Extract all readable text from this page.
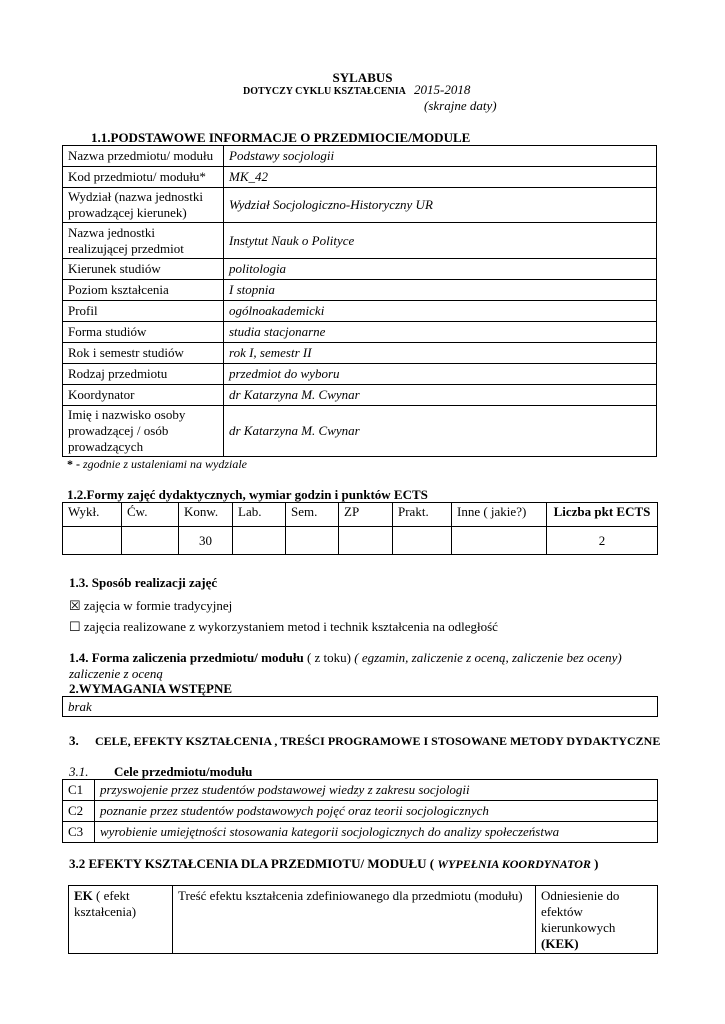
SYLABUS
DOTYCZY CYKLU KSZTAŁCENIA 2015-2018
(skrajne daty)
1.1.PODSTAWOWE INFORMACJE O PRZEDMIOCIE/MODULE
Nazwa przedmiotu/ modułu	Podstawy socjologii
Kod przedmiotu/ modułu*	MK_42
Wydział (nazwa jednostki prowadzącej kierunek)	Wydział Socjologiczno-Historyczny UR
Nazwa jednostki realizującej przedmiot	Instytut Nauk o Polityce
Kierunek studiów	politologia
Poziom kształcenia	I stopnia
Profil	ogólnoakademicki
Forma studiów	studia stacjonarne
Rok i semestr studiów	rok I, semestr II
Rodzaj przedmiotu	przedmiot do wyboru
Koordynator	dr Katarzyna M. Cwynar
Imię i nazwisko osoby prowadzącej / osób prowadzących	dr Katarzyna M. Cwynar
* - zgodnie z ustaleniami na wydziale
1.2.Formy zajęć dydaktycznych, wymiar godzin i punktów ECTS
Wykł.	Ćw.	Konw.	Lab.	Sem.	ZP	Prakt.	Inne ( jakie?)	Liczba pkt ECTS
		30						2
1.3. Sposób realizacji zajęć
☒ zajęcia w formie tradycyjnej
☐ zajęcia realizowane z wykorzystaniem metod i technik kształcenia na odległość
1.4. Forma zaliczenia przedmiotu/ modułu ( z toku) ( egzamin, zaliczenie z oceną, zaliczenie bez oceny)
zaliczenie z oceną
2.WYMAGANIA WSTĘPNE
brak
3. CELE, EFEKTY KSZTAŁCENIA , TREŚCI PROGRAMOWE I STOSOWANE METODY DYDAKTYCZNE
3.1. Cele przedmiotu/modułu
C1	przyswojenie przez studentów podstawowej wiedzy z zakresu socjologii
C2	poznanie przez studentów podstawowych pojęć oraz teorii socjologicznych
C3	wyrobienie umiejętności stosowania kategorii socjologicznych do analizy społeczeństwa
3.2 EFEKTY KSZTAŁCENIA DLA PRZEDMIOTU/ MODUŁU ( WYPEŁNIA KOORDYNATOR )
EK ( efekt kształcenia)	Treść efektu kształcenia zdefiniowanego dla przedmiotu (modułu)	Odniesienie do efektów kierunkowych
(KEK)
